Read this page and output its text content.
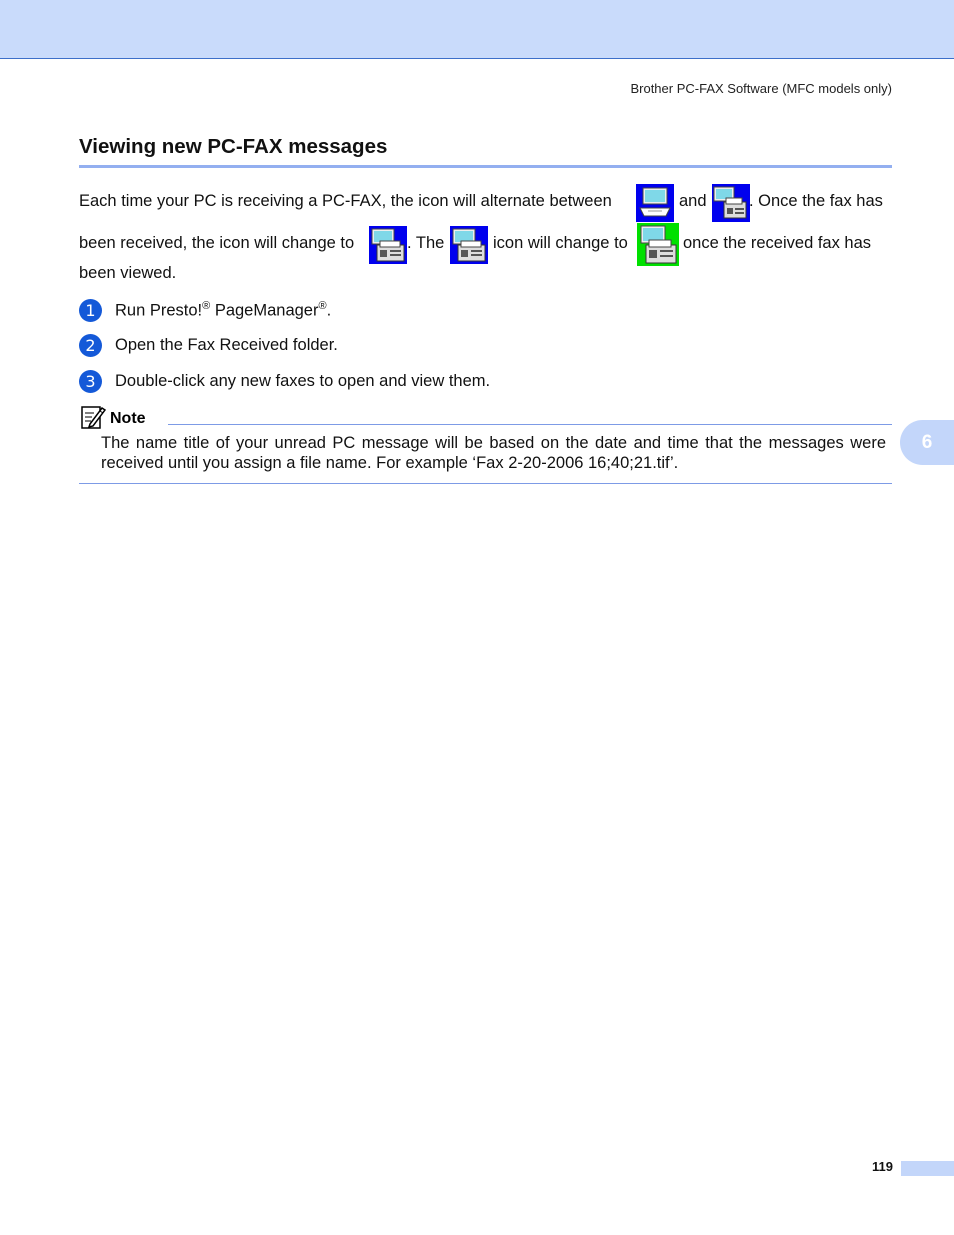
Brother PC-FAX Software (MFC models only)
Viewing new PC-FAX messages
Each time your PC is receiving a PC-FAX, the icon will alternate between	and	. Once the fax has
been received, the icon will change to	. The	icon will change to	once the received fax has
been viewed.
1	Run Presto!® PageManager®.
2	Open the Fax Received folder.
3	Double-click any new faxes to open and view them.
Note
The name title of your unread PC message will be based on the date and time that the messages were received until you assign a file name. For example ‘Fax 2-20-2006 16;40;21.tif’.
6
119
